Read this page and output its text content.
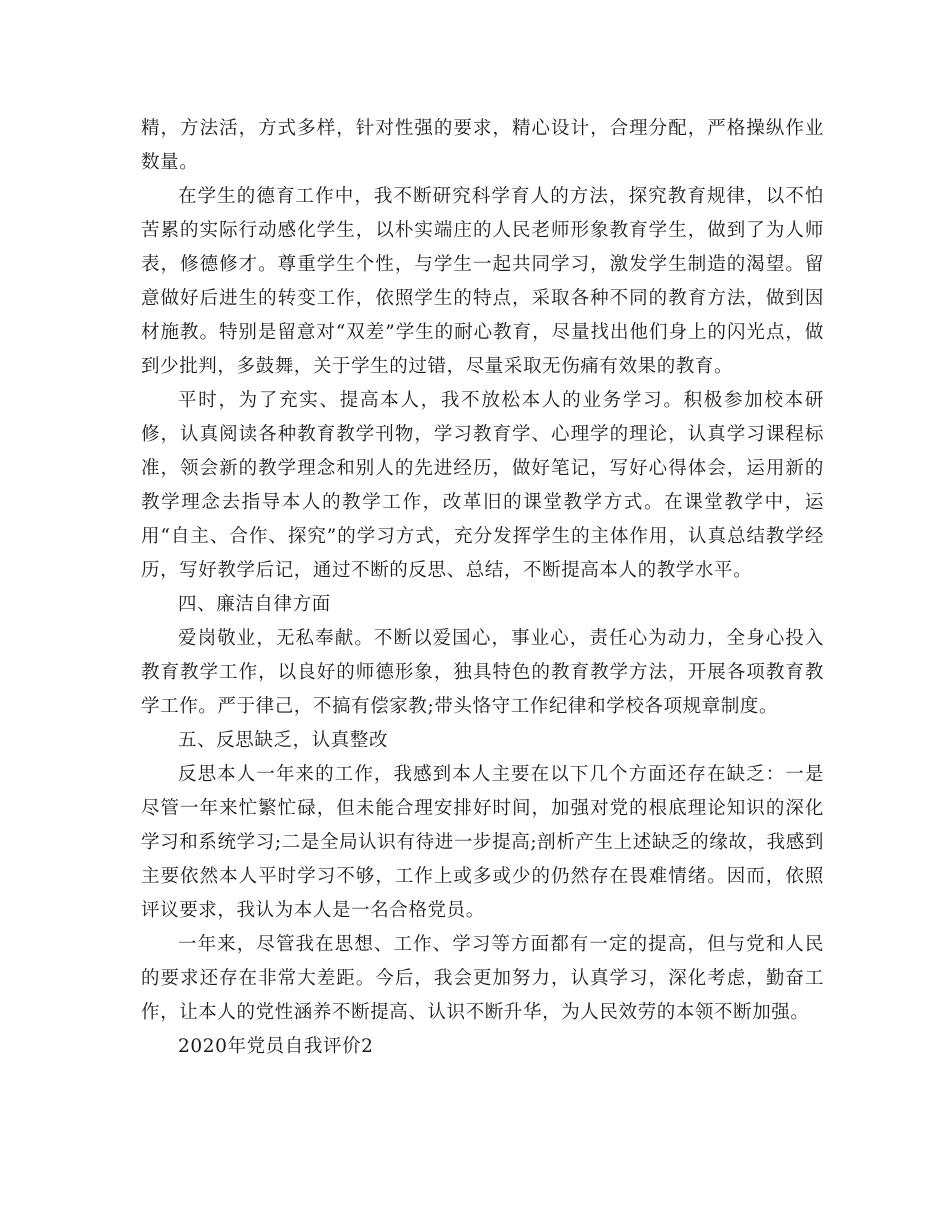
精，方法活，方式多样，针对性强的要求，精心设计，合理分配，严格操纵作业数量。

在学生的德育工作中，我不断研究科学育人的方法，探究教育规律，以不怕苦累的实际行动感化学生，以朴实端庄的人民老师形象教育学生，做到了为人师表，修德修才。尊重学生个性，与学生一起共同学习，激发学生制造的渴望。留意做好后进生的转变工作，依照学生的特点，采取各种不同的教育方法，做到因材施教。特别是留意对“双差”学生的耐心教育，尽量找出他们身上的闪光点，做到少批判，多鼓舞，关于学生的过错，尽量采取无伤痛有效果的教育。

平时，为了充实、提高本人，我不放松本人的业务学习。积极参加校本研修，认真阅读各种教育教学刊物，学习教育学、心理学的理论，认真学习课程标准，领会新的教学理念和别人的先进经历，做好笔记，写好心得体会，运用新的教学理念去指导本人的教学工作，改革旧的课堂教学方式。在课堂教学中，运用“自主、合作、探究”的学习方式，充分发挥学生的主体作用，认真总结教学经历，写好教学后记，通过不断的反思、总结，不断提高本人的教学水平。

四、廉洁自律方面

爱岗敬业，无私奉献。不断以爱国心，事业心，责任心为动力，全身心投入教育教学工作，以良好的师德形象，独具特色的教育教学方法，开展各项教育教学工作。严于律己，不搞有偿家教;带头恪守工作纪律和学校各项规章制度。

五、反思缺乏，认真整改

反思本人一年来的工作，我感到本人主要在以下几个方面还存在缺乏：一是尽管一年来忙繁忙碌，但未能合理安排好时间，加强对党的根底理论知识的深化学习和系统学习;二是全局认识有待进一步提高;剖析产生上述缺乏的缘故，我感到主要依然本人平时学习不够，工作上或多或少的仍然存在畏难情绪。因而，依照评议要求，我认为本人是一名合格党员。

一年来，尽管我在思想、工作、学习等方面都有一定的提高，但与党和人民的要求还存在非常大差距。今后，我会更加努力，认真学习，深化考虑，勤奋工作，让本人的党性涵养不断提高、认识不断升华，为人民效劳的本领不断加强。

2020年党员自我评价2
